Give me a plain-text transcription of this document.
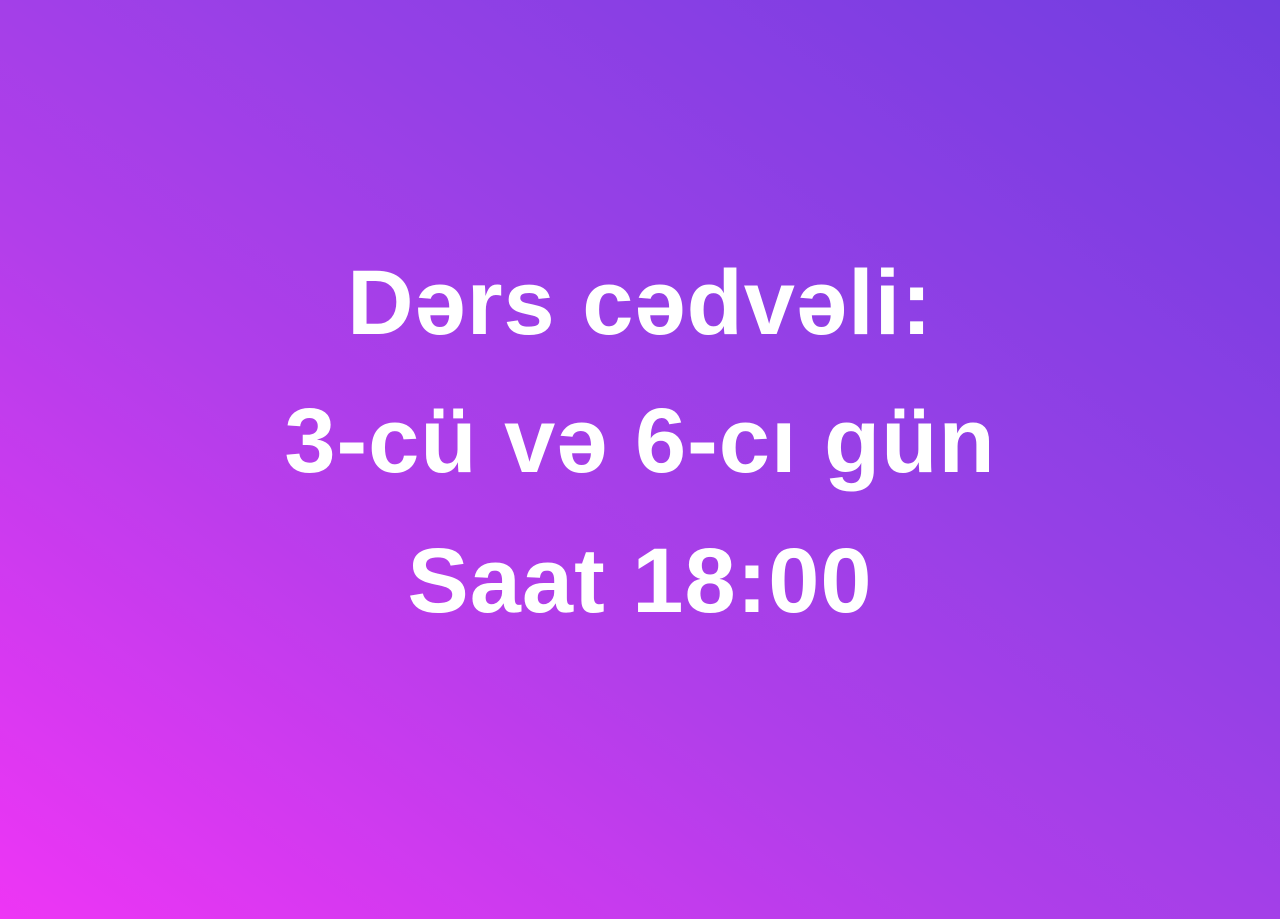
Dərs cədvəli:
3-cü və 6-cı gün
Saat 18:00
